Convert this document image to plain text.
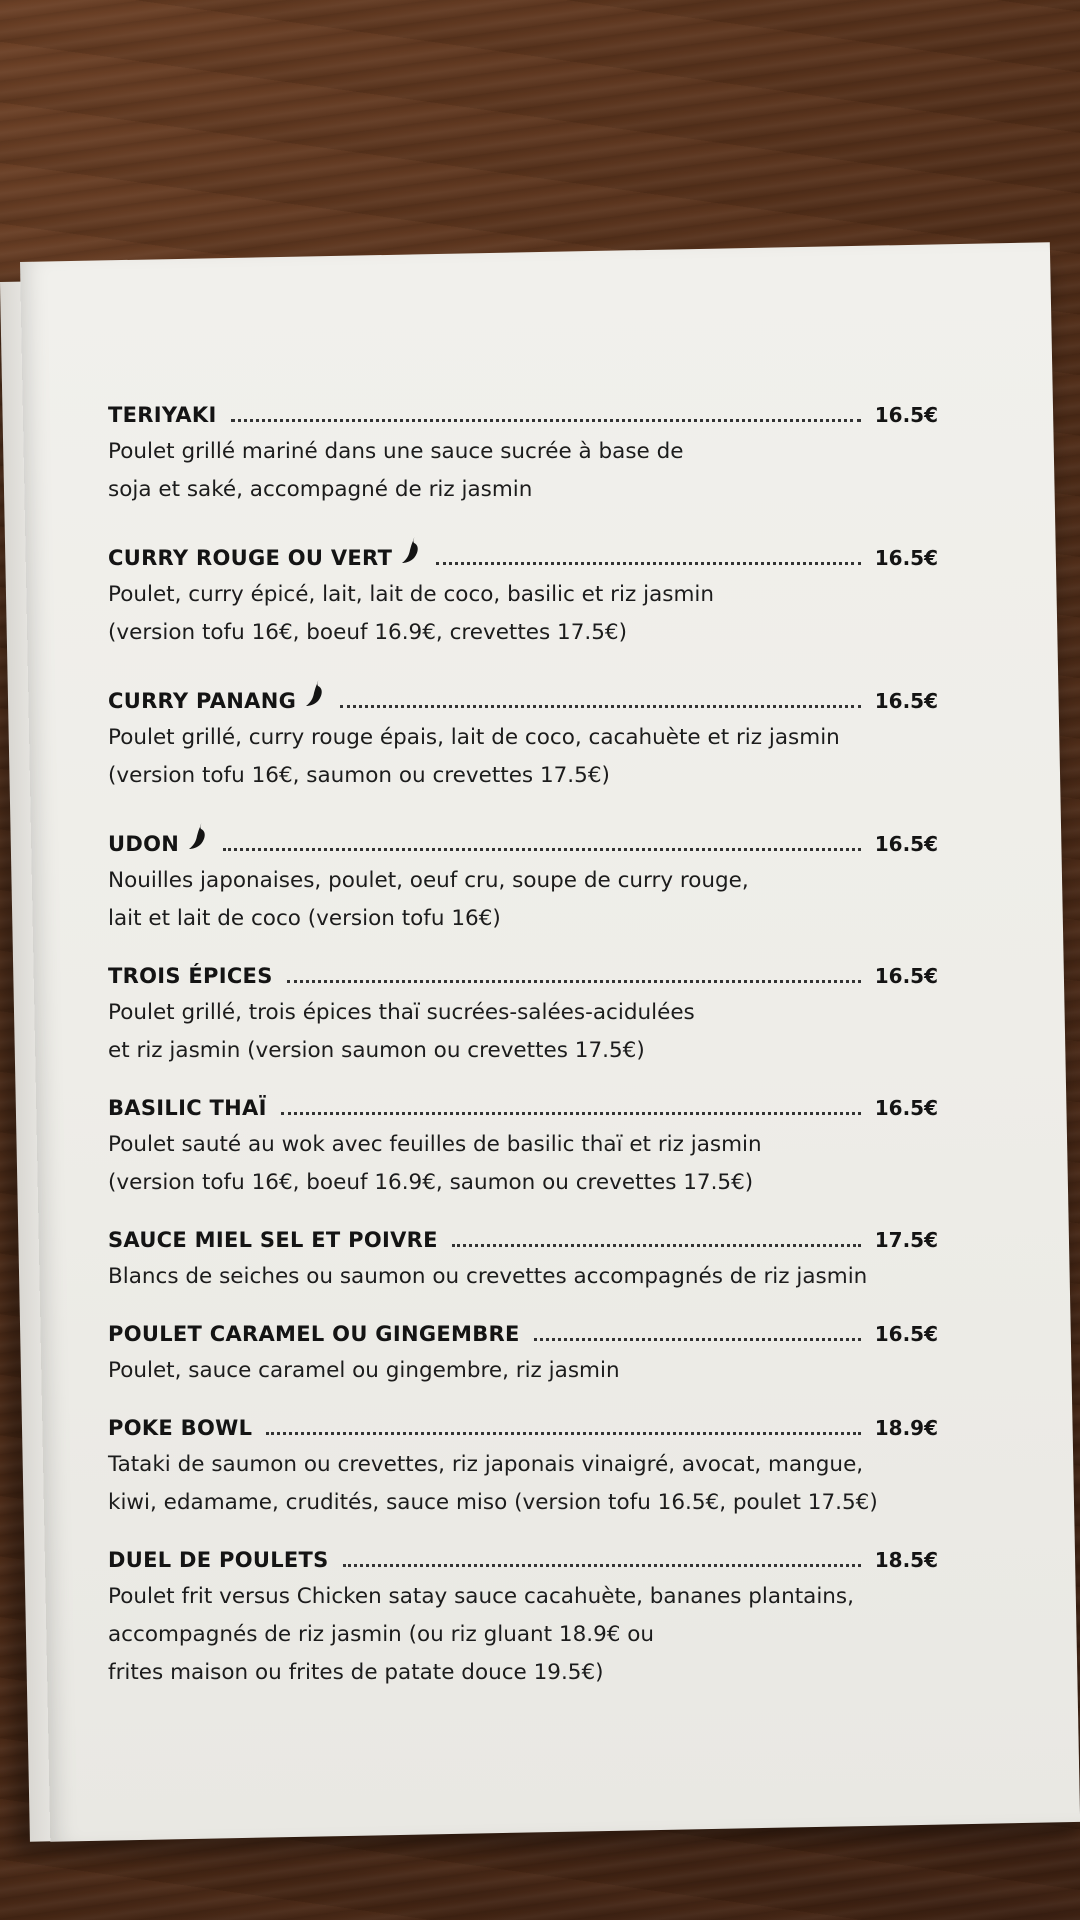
TERIYAKI	16.5€
Poulet grillé mariné dans une sauce sucrée à base de
soja et saké, accompagné de riz jasmin
CURRY ROUGE OU VERT	16.5€
Poulet, curry épicé, lait, lait de coco, basilic et riz jasmin
(version tofu 16€, boeuf 16.9€, crevettes 17.5€)
CURRY PANANG	16.5€
Poulet grillé, curry rouge épais, lait de coco, cacahuète et riz jasmin
(version tofu 16€, saumon ou crevettes 17.5€)
UDON	16.5€
Nouilles japonaises, poulet, oeuf cru, soupe de curry rouge,
lait et lait de coco (version tofu 16€)
TROIS ÉPICES	16.5€
Poulet grillé, trois épices thaï sucrées-salées-acidulées
et riz jasmin (version saumon ou crevettes 17.5€)
BASILIC THAÏ	16.5€
Poulet sauté au wok avec feuilles de basilic thaï et riz jasmin
(version tofu 16€, boeuf 16.9€, saumon ou crevettes 17.5€)
SAUCE MIEL SEL ET POIVRE	17.5€
Blancs de seiches ou saumon ou crevettes accompagnés de riz jasmin
POULET CARAMEL OU GINGEMBRE	16.5€
Poulet, sauce caramel ou gingembre, riz jasmin
POKE BOWL	18.9€
Tataki de saumon ou crevettes, riz japonais vinaigré, avocat, mangue,
kiwi, edamame, crudités, sauce miso (version tofu 16.5€, poulet 17.5€)
DUEL DE POULETS	18.5€
Poulet frit versus Chicken satay sauce cacahuète, bananes plantains,
accompagnés de riz jasmin (ou riz gluant 18.9€ ou
frites maison ou frites de patate douce 19.5€)
